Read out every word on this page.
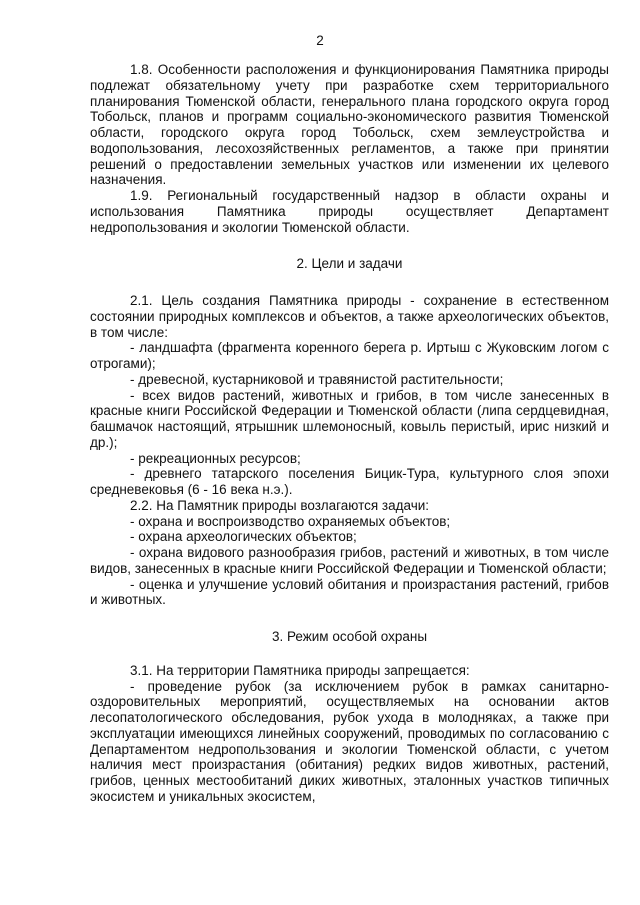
2

1.8. Особенности расположения и функционирования Памятника природы подлежат обязательному учету при разработке схем территориального планирования Тюменской области, генерального плана городского округа город Тобольск, планов и программ социально-экономического развития Тюменской области, городского округа город Тобольск, схем землеустройства и водопользования, лесохозяйственных регламентов, а также при принятии решений о предоставлении земельных участков или изменении их целевого назначения.

1.9. Региональный государственный надзор в области охраны и использования Памятника природы осуществляет Департамент недропользования и экологии Тюменской области.

2. Цели и задачи

2.1. Цель создания Памятника природы - сохранение в естественном состоянии природных комплексов и объектов, а также археологических объектов, в том числе:

- ландшафта (фрагмента коренного берега р. Иртыш с Жуковским логом с отрогами);

- древесной, кустарниковой и травянистой растительности;

- всех видов растений, животных и грибов, в том числе занесенных в красные книги Российской Федерации и Тюменской области (липа сердцевидная, башмачок настоящий, ятрышник шлемоносный, ковыль перистый, ирис низкий и др.);

- рекреационных ресурсов;

- древнего татарского поселения Бицик-Тура, культурного слоя эпохи средневековья (6 - 16 века н.э.).

2.2. На Памятник природы возлагаются задачи:

- охрана и воспроизводство охраняемых объектов;

- охрана археологических объектов;

- охрана видового разнообразия грибов, растений и животных, в том числе видов, занесенных в красные книги Российской Федерации и Тюменской области;

- оценка и улучшение условий обитания и произрастания растений, грибов и животных.

3. Режим особой охраны

3.1. На территории Памятника природы запрещается:

- проведение рубок (за исключением рубок в рамках санитарно-оздоровительных мероприятий, осуществляемых на основании актов лесопатологического обследования, рубок ухода в молодняках, а также при эксплуатации имеющихся линейных сооружений, проводимых по согласованию с Департаментом недропользования и экологии Тюменской области, с учетом наличия мест произрастания (обитания) редких видов животных, растений, грибов, ценных местообитаний диких животных, эталонных участков типичных экосистем и уникальных экосистем,
